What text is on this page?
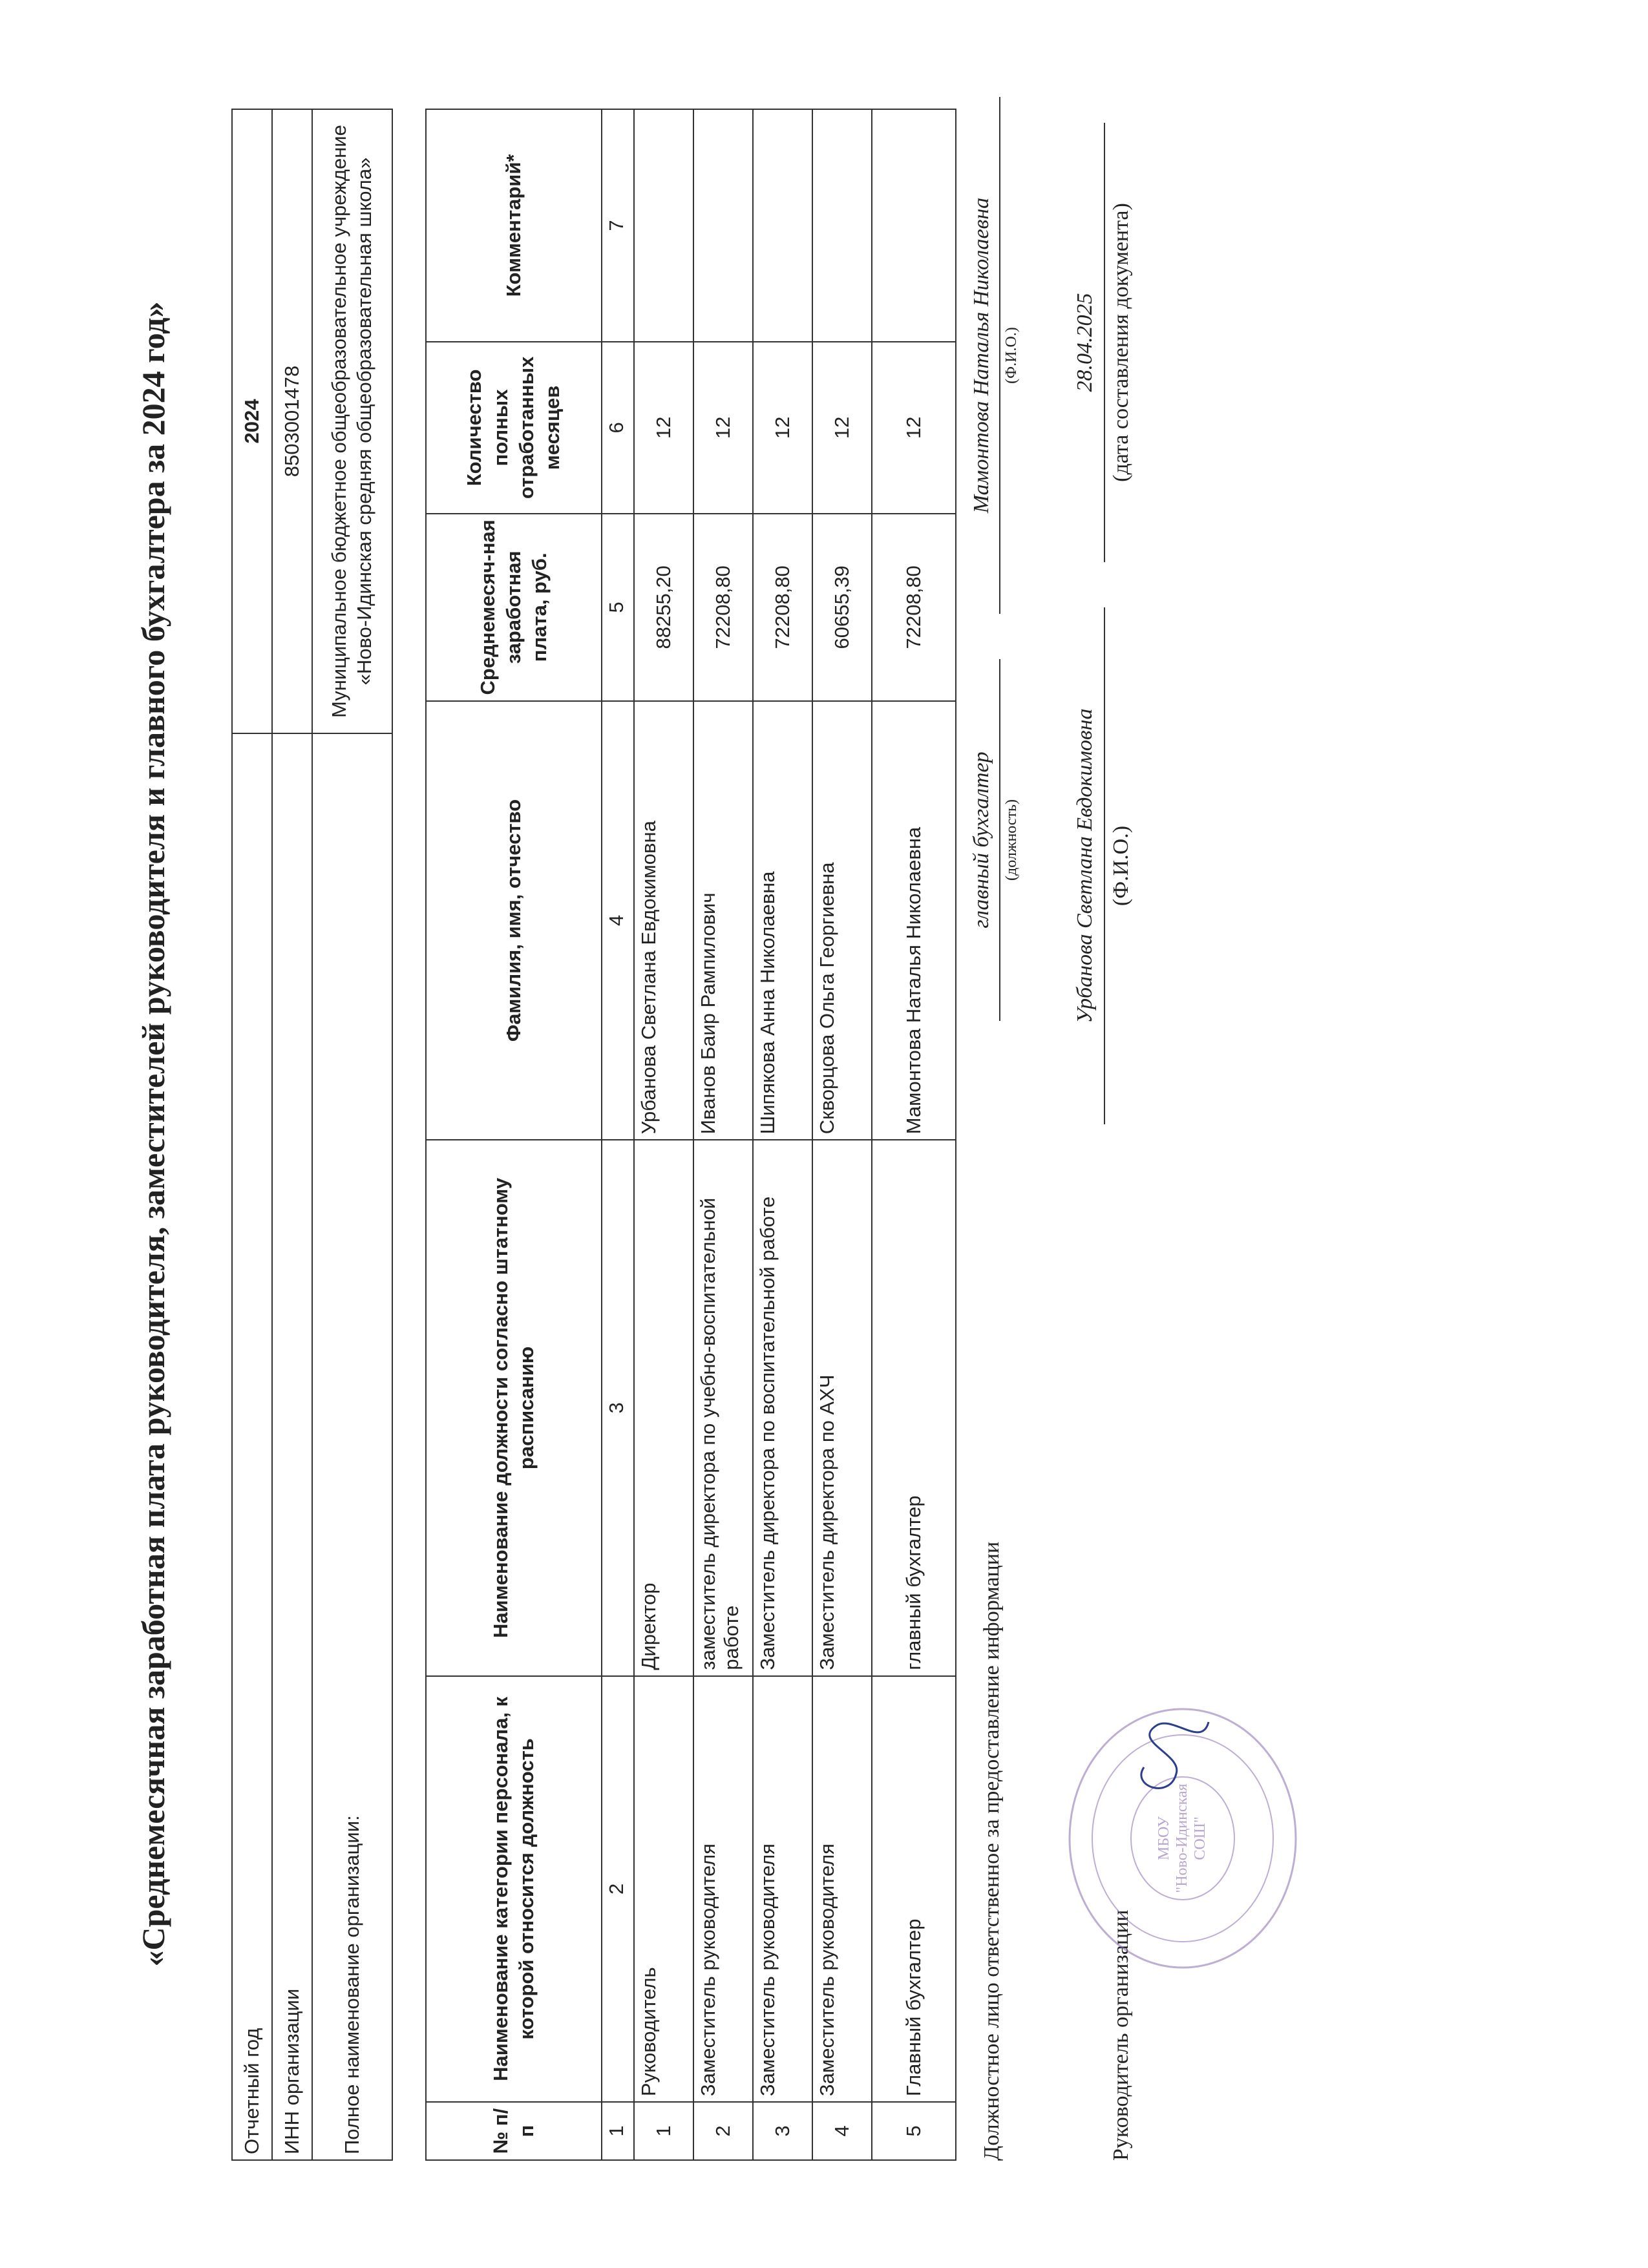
«Среднемесячная заработная плата руководителя, заместителей руководителя и главного бухгалтера за 2024 год»
Отчетный год	2024
ИНН организации	8503001478
Полное наименование организации:	Муниципальное бюджетное общеобразовательное учреждение «Ново-Идинская средняя общеобразовательная школа»
№ п/п	Наименование категории персонала, к которой относится должность	Наименование должности согласно штатному расписанию	Фамилия, имя, отчество	Среднемесяч-ная заработная плата, руб.	Количество полных отработанных месяцев	Комментарий*
1	2	3	4	5	6	7
1	Руководитель	Директор	Урбанова Светлана Евдокимовна	88255,20	12	
2	Заместитель руководителя	заместитель директора по учебно-воспитательной работе	Иванов Баир Рампилович	72208,80	12	
3	Заместитель руководителя	Заместитель директора по воспитательной работе	Шипякова Анна Николаевна	72208,80	12	
4	Заместитель руководителя	Заместитель директора по АХЧ	Скворцова Ольга Георгиевна	60655,39	12	
5	Главный бухгалтер	главный бухгалтер	Мамонтова Наталья Николаевна	72208,80	12	
Должностное лицо ответственное за предоставление информации
главный бухгалтер (должность)
Мамонтова Наталья Николаевна (Ф.И.О.)
Руководитель организации
Урбанова Светлана Евдокимовна (Ф.И.О.)
28.04.2025 (дата составления документа)
МБОУ "Ново-Идинская СОШ"
